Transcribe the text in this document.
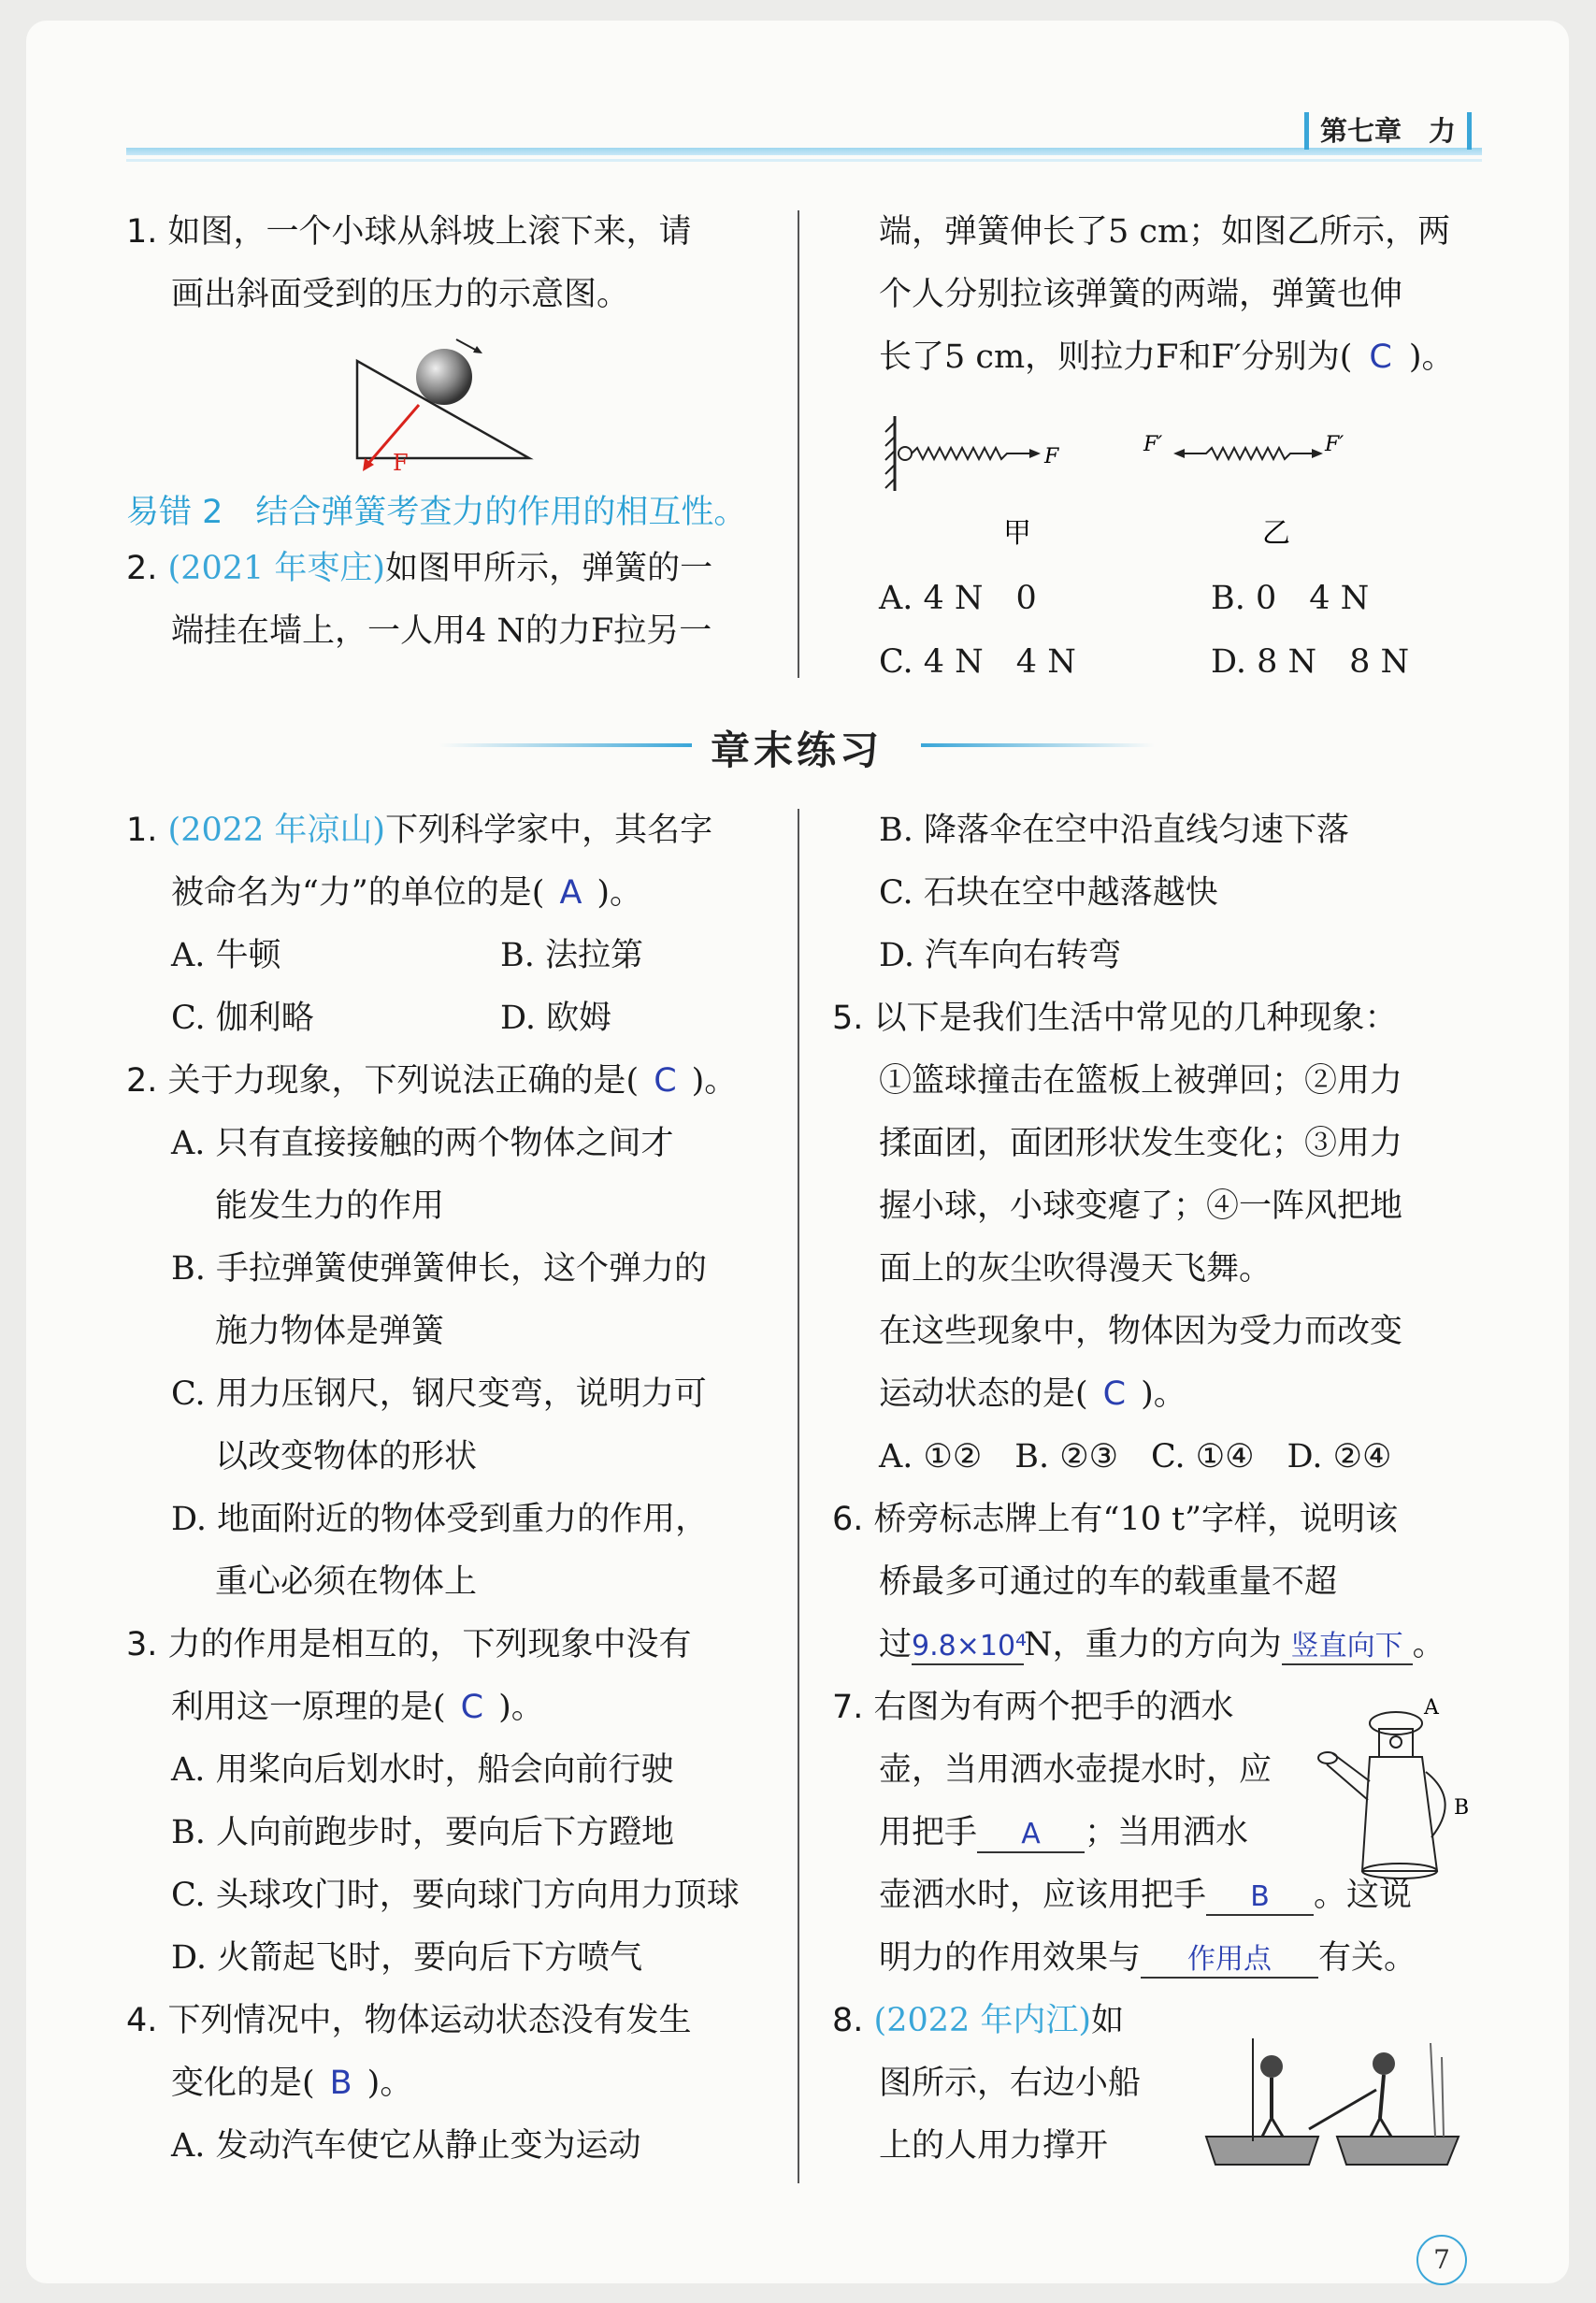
第七章　力
1. 如图，一个小球从斜坡上滚下来，请
画出斜面受到的压力的示意图。
F
易错 2　结合弹簧考查力的作用的相互性。
2. (2021 年枣庄)如图甲所示，弹簧的一
端挂在墙上，一人用4 N的力F拉另一
端，弹簧伸长了5 cm；如图乙所示，两
个人分别拉该弹簧的两端，弹簧也伸
长了5 cm，则拉力F和F′分别为( C )。
F
F′	F′
甲	乙
A. 4 N　0	B. 0　4 N
C. 4 N　4 N	D. 8 N　8 N
章末练习
1. (2022 年凉山)下列科学家中，其名字
被命名为“力”的单位的是( A )。
A. 牛顿	B. 法拉第
C. 伽利略	D. 欧姆
2. 关于力现象，下列说法正确的是( C )。
A. 只有直接接触的两个物体之间才
能发生力的作用
B. 手拉弹簧使弹簧伸长，这个弹力的
施力物体是弹簧
C. 用力压钢尺，钢尺变弯，说明力可
以改变物体的形状
D. 地面附近的物体受到重力的作用，
重心必须在物体上
3. 力的作用是相互的，下列现象中没有
利用这一原理的是( C )。
A. 用桨向后划水时，船会向前行驶
B. 人向前跑步时，要向后下方蹬地
C. 头球攻门时，要向球门方向用力顶球
D. 火箭起飞时，要向后下方喷气
4. 下列情况中，物体运动状态没有发生
变化的是( B )。
A. 发动汽车使它从静止变为运动
B. 降落伞在空中沿直线匀速下落
C. 石块在空中越落越快
D. 汽车向右转弯
5. 以下是我们生活中常见的几种现象：
①篮球撞击在篮板上被弹回；②用力
揉面团，面团形状发生变化；③用力
握小球，小球变瘪了；④一阵风把地
面上的灰尘吹得漫天飞舞。
在这些现象中，物体因为受力而改变
运动状态的是( C )。
A. ①②　B. ②③　C. ①④　D. ②④
6. 桥旁标志牌上有“10 t”字样，说明该
桥最多可通过的车的载重量不超
过9.8×10⁴N，重力的方向为 竖直向下 。
7. 右图为有两个把手的洒水
壶，当用洒水壶提水时，应
用把手 A ；当用洒水
壶洒水时，应该用把手 B 。这说
明力的作用效果与 作用点 有关。
A
B
8. (2022 年内江)如
图所示，右边小船
上的人用力撑开
7
